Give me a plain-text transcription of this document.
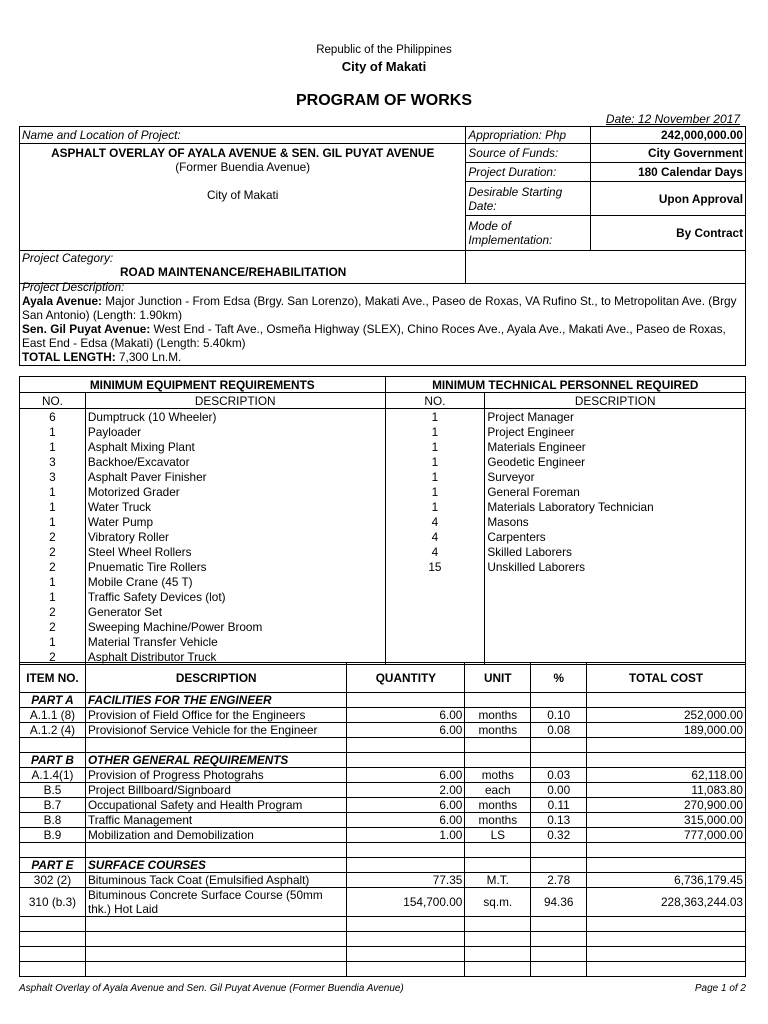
Republic of the Philippines
City of Makati
PROGRAM OF WORKS
Date: 12 November 2017
Name and Location of Project:	Appropriation: Php	242,000,000.00

ASPHALT OVERLAY OF AYALA AVENUE & SEN. GIL PUYAT AVENUE
(Former Buendia Avenue)
City of Makati	Source of Funds:	City Government
	Project Duration:	180 Calendar Days
	Desirable Starting Date:	Upon Approval
	Mode of Implementation:	By Contract

Project Category:
ROAD MAINTENANCE/REHABILITATION		

Project Description:
Ayala Avenue: Major Junction - From Edsa (Brgy. San Lorenzo), Makati Ave., Paseo de Roxas, VA Rufino St., to Metropolitan Ave. (Brgy San Antonio) (Length: 1.90km)
Sen. Gil Puyat Avenue: West End - Taft Ave., Osmeña Highway (SLEX), Chino Roces Ave., Ayala Ave., Makati Ave., Paseo de Roxas, East End - Edsa (Makati) (Length: 5.40km)
TOTAL LENGTH: 7,300 Ln.M.
MINIMUM EQUIPMENT REQUIREMENTS		MINIMUM TECHNICAL PERSONNEL REQUIRED	
NO.	DESCRIPTION	NO.	DESCRIPTION
6	Dumptruck (10 Wheeler)	1	Project Manager
1	Payloader	1	Project Engineer
1	Asphalt Mixing Plant	1	Materials Engineer
3	Backhoe/Excavator	1	Geodetic Engineer
3	Asphalt Paver Finisher	1	Surveyor
1	Motorized Grader	1	General Foreman
1	Water Truck	1	Materials Laboratory Technician
1	Water Pump	4	Masons
2	Vibratory Roller	4	Carpenters
2	Steel Wheel Rollers	4	Skilled Laborers
2	Pnuematic Tire Rollers	15	Unskilled Laborers
1	Mobile Crane (45 T)		
1	Traffic Safety Devices (lot)		
2	Generator Set		
2	Sweeping Machine/Power Broom		
1	Material Transfer Vehicle		
2	Asphalt Distributor Truck		
ITEM NO.	DESCRIPTION	QUANTITY	UNIT	%	TOTAL COST
PART A	FACILITIES FOR THE ENGINEER				
A.1.1 (8)	Provision of Field Office for the Engineers	6.00	months	0.10	252,000.00
A.1.2 (4)	Provisionof Service Vehicle for the Engineer	6.00	months	0.08	189,000.00

PART B	OTHER GENERAL REQUIREMENTS				
A.1.4(1)	Provision of Progress Photograhs	6.00	moths	0.03	62,118.00
B.5	Project Billboard/Signboard	2.00	each	0.00	11,083.80
B.7	Occupational Safety and Health Program	6.00	months	0.11	270,900.00
B.8	Traffic Management	6.00	months	0.13	315,000.00
B.9	Mobilization and Demobilization	1.00	LS	0.32	777,000.00

PART E	SURFACE COURSES				
302 (2)	Bituminous Tack Coat (Emulsified Asphalt)	77.35	M.T.	2.78	6,736,179.45
310 (b.3)	Bituminous Concrete Surface Course (50mm thk.) Hot Laid	154,700.00	sq.m.	94.36	228,363,244.03

Asphalt Overlay of Ayala Avenue and Sen. Gil Puyat Avenue (Former Buendia Avenue)	Page 1 of 2
